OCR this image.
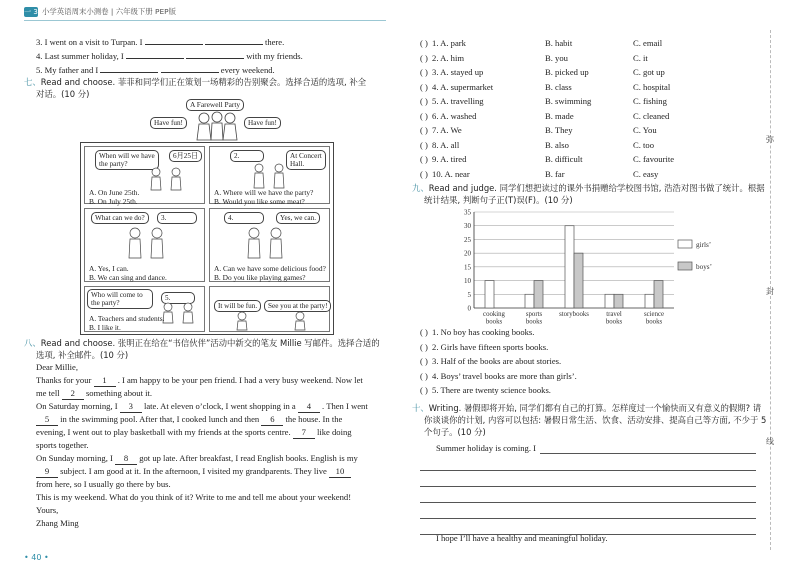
一 3 小学英语周末小测卷 | 六年级下册 PEP版
3. I went on a visit to Turpan. I	there.
4. Last summer holiday, I	with my friends.
5. My father and I	every weekend.
七、Read and choose. 菲菲和同学们正在策划一场精彩的告别聚会。选择合适的选项, 补全
对话。(10 分)
A Farewell Party
Have fun!	Have fun!
When will we have the party?
6月25日
A. On June 25th.
B. On July 25th.
2.	At Concert Hall.
A. Where will we have the party?
B. Would you like some meat?
What can we do?	3.
A. Yes, I can.
B. We can sing and dance.
4.	Yes, we can.
A. Can we have some delicious food?
B. Do you like playing games?
Who will come to the party?
5.
A. Teachers and students.
B. I like it.
It will be fun.	See you at the party!
八、Read and choose. 张明正在给在“书信伙伴”活动中新交的笔友 Millie 写邮件。选择合适的
选项, 补全邮件。(10 分)
Dear Millie,
Thanks for your 1 . I am happy to be your pen friend. I had a very busy weekend. Now let
me tell 2 something about it.
On Saturday morning, I 3 late. At eleven o’clock, I went shopping in a 4 . Then I went
5 in the swimming pool. After that, I cooked lunch and then 6 the house. In the
evening, I went out to play basketball with my friends at the sports centre. 7 like doing
sports together.
On Sunday morning, I 8 got up late. After breakfast, I read English books. English is my
9 subject. I am good at it. In the afternoon, I visited my grandparents. They live 10
from here, so I usually go there by bus.
This is my weekend. What do you think of it? Write to me and tell me about your weekend!
Yours,
Zhang Ming
• 40 •
( ) 1. A. park	B. habit	C. email
( ) 2. A. him	B. you	C. it
( ) 3. A. stayed up	B. picked up	C. got up
( ) 4. A. supermarket	B. class	C. hospital
( ) 5. A. travelling	B. swimming	C. fishing
( ) 6. A. washed	B. made	C. cleaned
( ) 7. A. We	B. They	C. You
( ) 8. A. all	B. also	C. too
( ) 9. A. tired	B. difficult	C. favourite
( ) 10. A. near	B. far	C. easy
九、Read and judge. 同学们想把读过的课外书捐赠给学校图书馆, 浩浩对图书做了统计。根据
统计结果, 判断句子正(T)误(F)。(10 分)
0
5
10
15
20
25
30
35
cooking
books
sports
books
storybooks	travel
books
science
books
girls’
boys’
( ) 1. No boy has cooking books.
( ) 2. Girls have fifteen sports books.
( ) 3. Half of the books are about stories.
( ) 4. Boys’ travel books are more than girls’.
( ) 5. There are twenty science books.
十、Writing. 暑假即将开始, 同学们都有自己的打算。怎样度过一个愉快而又有意义的假期? 请
你谈谈你的计划, 内容可以包括: 暑假日常生活、饮食、活动安排、提高自己等方面, 不少于 5
个句子。(10 分)
Summer holiday is coming. I
I hope I’ll have a healthy and meaningful holiday.
弥
封
线
